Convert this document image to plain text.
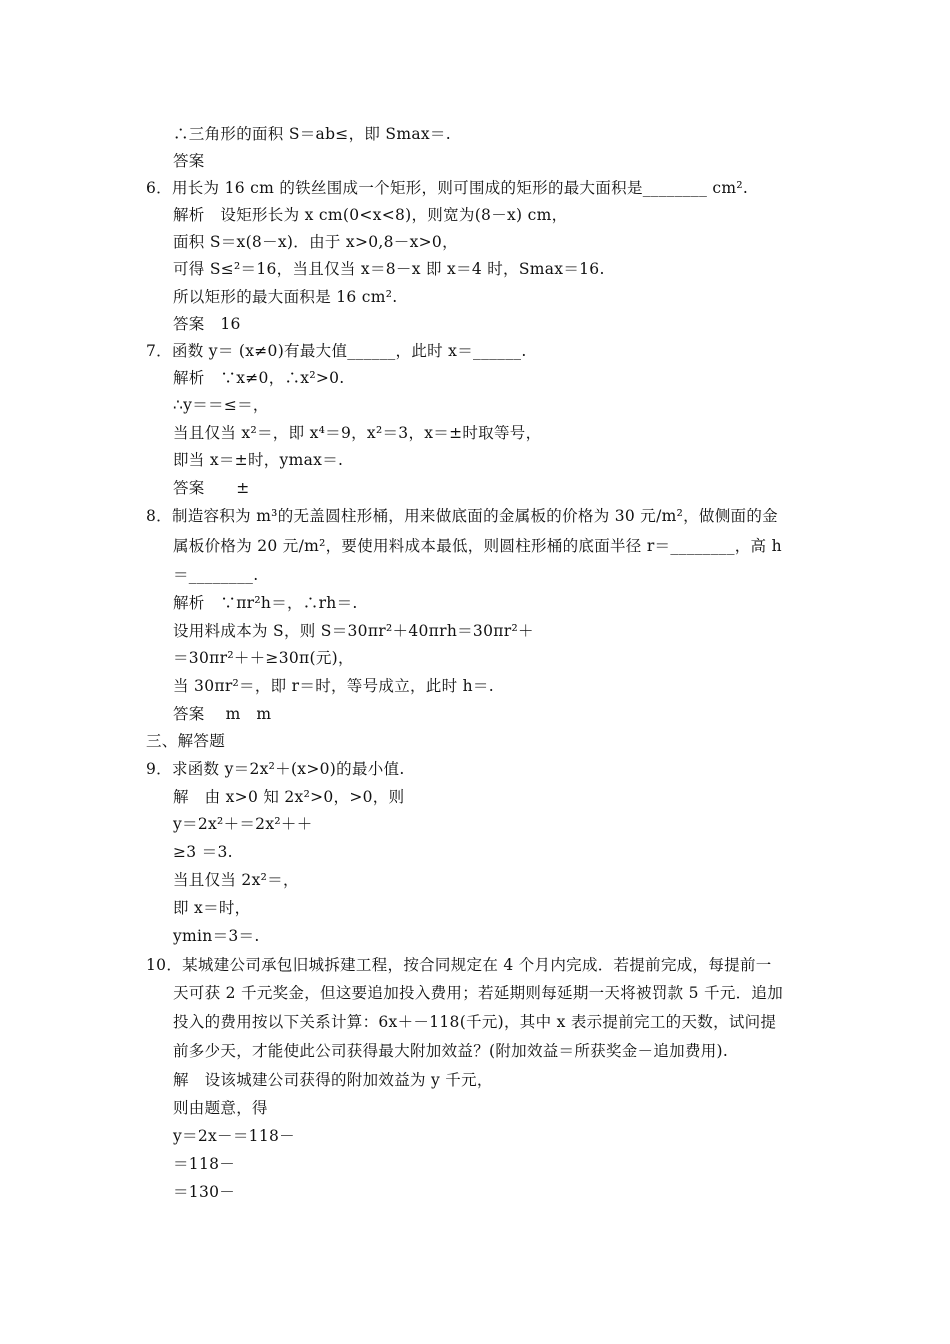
∴三角形的面积 S＝ab≤，即 Smax＝.
答案
6．用长为 16 cm 的铁丝围成一个矩形，则可围成的矩形的最大面积是________ cm².
解析　设矩形长为 x cm(0<x<8)，则宽为(8－x) cm，
面积 S＝x(8－x)．由于 x>0,8－x>0，
可得 S≤²＝16，当且仅当 x＝8－x 即 x＝4 时，Smax＝16.
所以矩形的最大面积是 16 cm².
答案　16
7．函数 y＝ (x≠0)有最大值______，此时 x＝______.
解析　∵x≠0，∴x²>0.
∴y＝＝≤＝，
当且仅当 x²＝，即 x⁴＝9，x²＝3，x＝±时取等号，
即当 x＝±时，ymax＝.
答案　　±
8．制造容积为 m³的无盖圆柱形桶，用来做底面的金属板的价格为 30 元/m²，做侧面的金
属板价格为 20 元/m²，要使用料成本最低，则圆柱形桶的底面半径 r＝________，高 h
＝________.
解析　∵πr²h＝，∴rh＝.
设用料成本为 S，则 S＝30πr²＋40πrh＝30πr²＋
＝30πr²＋＋≥30π(元)，
当 30πr²＝，即 r＝时，等号成立，此时 h＝.
答案　 m　m
三、解答题
9．求函数 y＝2x²＋(x>0)的最小值.
解　由 x>0 知 2x²>0，>0，则
y＝2x²＋＝2x²＋＋
≥3 ＝3.
当且仅当 2x²＝，
即 x＝时，
ymin＝3＝.
10．某城建公司承包旧城拆建工程，按合同规定在 4 个月内完成．若提前完成，每提前一
天可获 2 千元奖金，但这要追加投入费用；若延期则每延期一天将被罚款 5 千元．追加
投入的费用按以下关系计算：6x＋－118(千元)，其中 x 表示提前完工的天数，试问提
前多少天，才能使此公司获得最大附加效益？(附加效益＝所获奖金－追加费用).
解　设该城建公司获得的附加效益为 y 千元，
则由题意，得
y＝2x－＝118－
＝118－
＝130－
